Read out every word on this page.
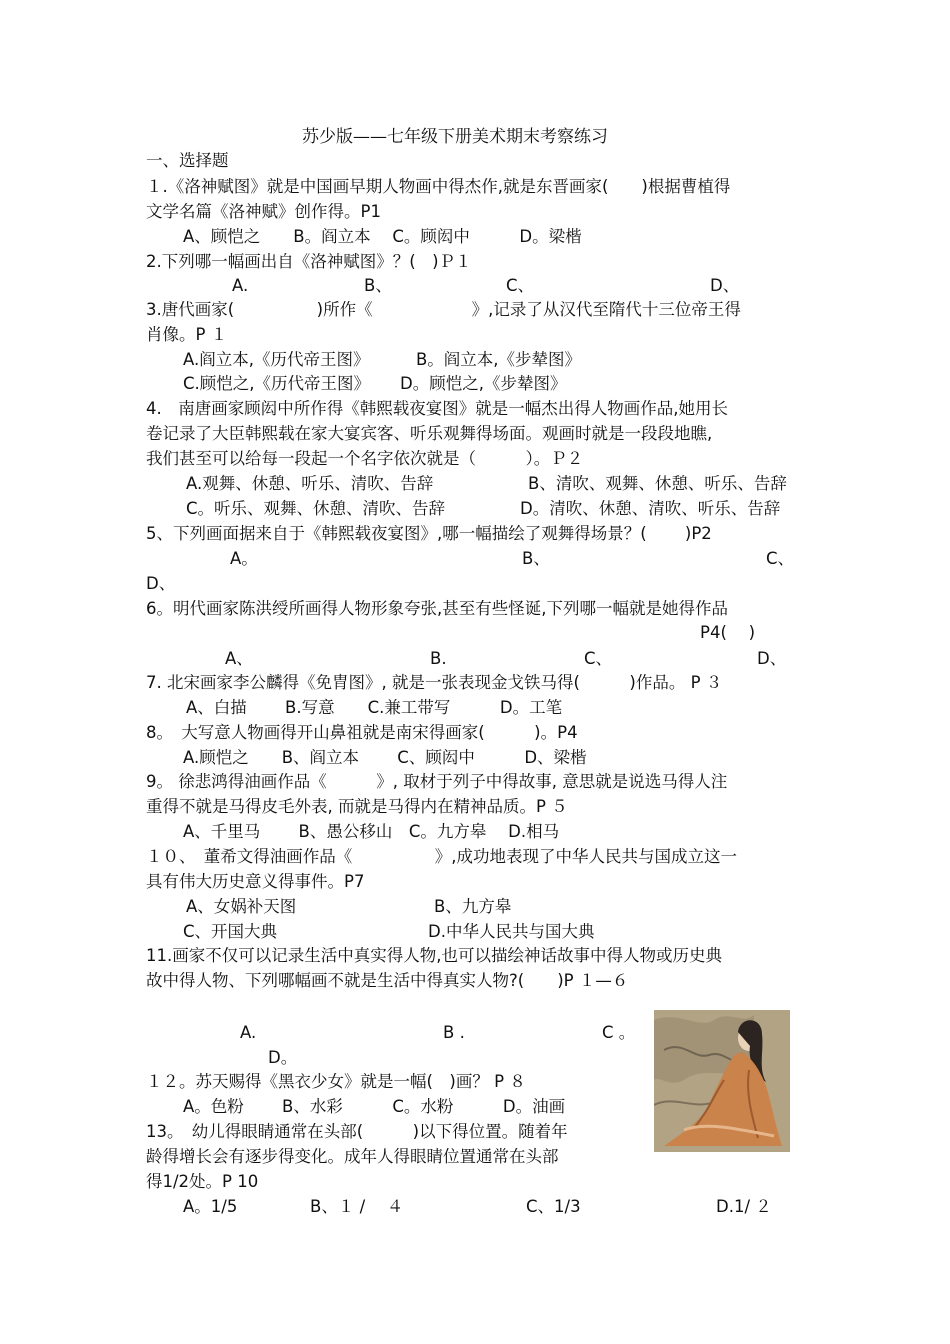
苏少版——七年级下册美术期末考察练习
一、选择题
１.《洛神赋图》就是中国画早期人物画中得杰作,就是东晋画家(　　)根据曹植得
文学名篇《洛神赋》创作得。P1
A、顾恺之　　B。阎立本　 C。顾闳中　　　D。梁楷
2.下列哪一幅画出自《洛神赋图》？(　)Ｐ１
A.	B、	C、	D、
3.唐代画家(　　　　　)所作《　　　　　　》,记录了从汉代至隋代十三位帝王得
肖像。P １
A.阎立本,《历代帝王图》　　　 B。阎立本,《步辇图》
C.顾恺之,《历代帝王图》　　 D。顾恺之,《步辇图》
4.　南唐画家顾闳中所作得《韩熙载夜宴图》就是一幅杰出得人物画作品,她用长
卷记录了大臣韩熙载在家大宴宾客、听乐观舞得场面。观画时就是一段段地瞧,
我们甚至可以给每一段起一个名字依次就是（　　　）。Ｐ２
A.观舞、休憩、听乐、清吹、告辞	B、清吹、观舞、休憩、听乐、告辞
C。听乐、观舞、休憩、清吹、告辞	D。清吹、休憩、清吹、听乐、告辞
5、下列画面据来自于《韩熙载夜宴图》,哪一幅描绘了观舞得场景？(　　 )P2
A。	B、	C、
D、
6。明代画家陈洪绶所画得人物形象夸张,甚至有些怪诞,下列哪一幅就是她得作品
P4(　 )
A、	B.	C、	D、
7. 北宋画家李公麟得《免胄图》, 就是一张表现金戈铁马得(　　　)作品。 P ３
A、白描　　 B.写意　　C.兼工带写　　　D。工笔
8。　大写意人物画得开山鼻祖就是南宋得画家(　　　)。P4
A.顾恺之　　B、阎立本　　 C、顾闳中　　　D、梁楷
9。 徐悲鸿得油画作品《　　　》, 取材于列子中得故事, 意思就是说选马得人注
重得不就是马得皮毛外表, 而就是马得内在精神品质。P ５
A、千里马　　 B、愚公移山　C。九方皋　 D.相马
１０、　董希文得油画作品《　　　　　》,成功地表现了中华人民共与国成立这一
具有伟大历史意义得事件。P7
A、女娲补天图	B、九方皋
C、开国大典	D.中华人民共与国大典
11.画家不仅可以记录生活中真实得人物,也可以描绘神话故事中得人物或历史典
故中得人物、下列哪幅画不就是生活中得真实人物?(　　)P １—６
A.	B .	C 。
D。
１２。苏天赐得《黑衣少女》就是一幅(　)画？ P ８
A。色粉　　 B、水彩　　　C。水粉　　　D。油画
13。　幼儿得眼睛通常在头部(　　　)以下得位置。随着年
龄得增长会有逐步得变化。成年人得眼睛位置通常在头部
得1/2处。P 10
A。1/5	B、１ /　 ４	C、1/3	D.1/ ２
